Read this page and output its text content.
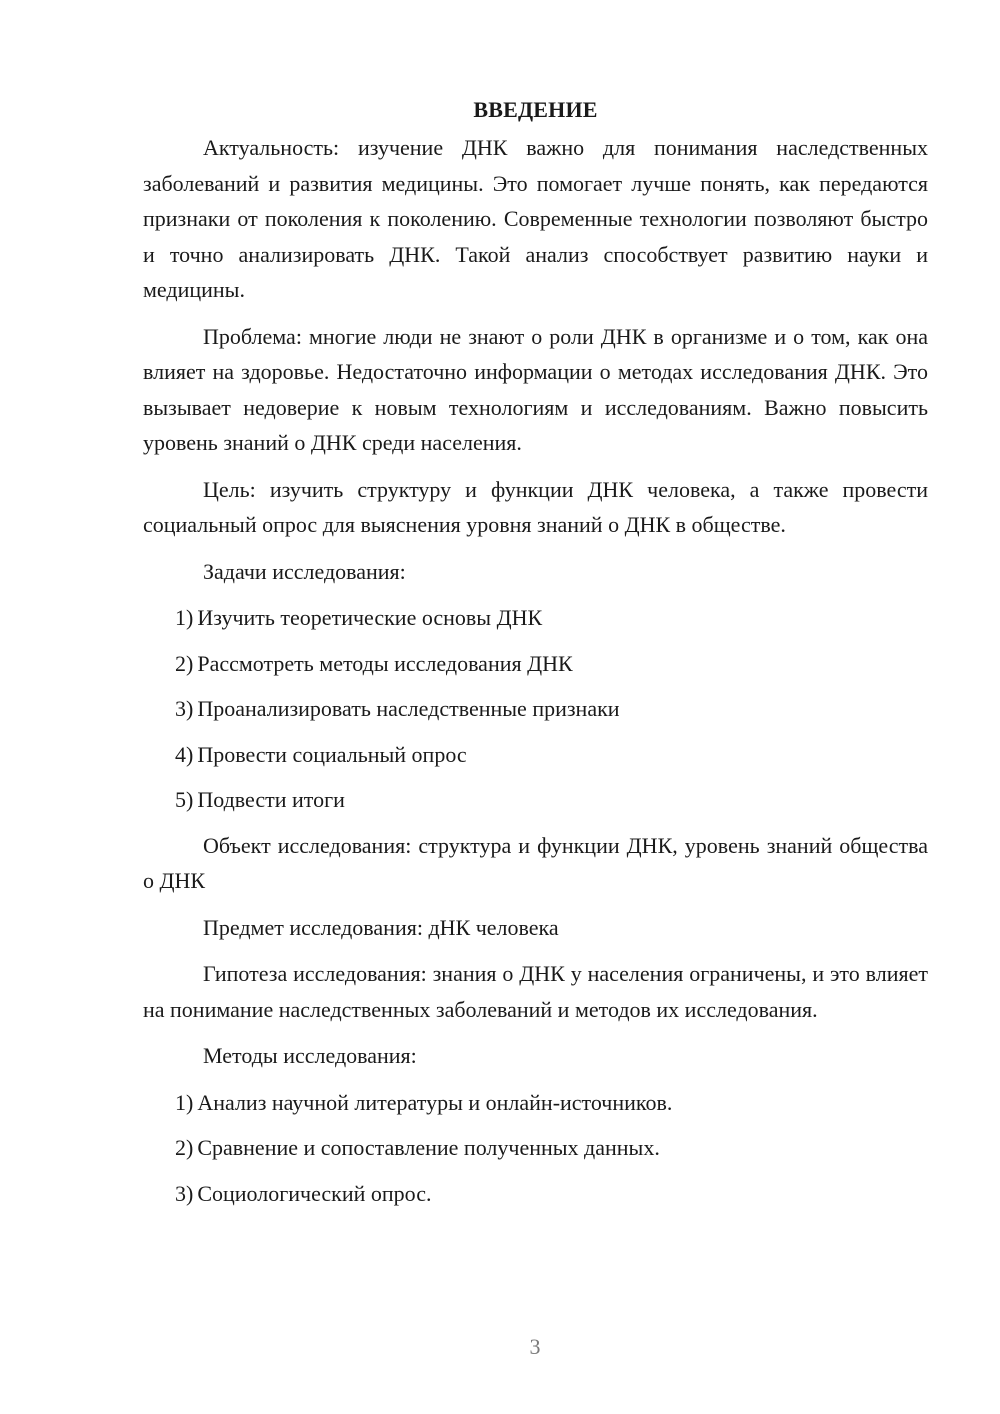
ВВЕДЕНИЕ

Актуальность: изучение ДНК важно для понимания наследственных заболеваний и развития медицины. Это помогает лучше понять, как передаются признаки от поколения к поколению. Современные технологии позволяют быстро и точно анализировать ДНК. Такой анализ способствует развитию науки и медицины.

Проблема: многие люди не знают о роли ДНК в организме и о том, как она влияет на здоровье. Недостаточно информации о методах исследования ДНК. Это вызывает недоверие к новым технологиям и исследованиям. Важно повысить уровень знаний о ДНК среди населения.

Цель: изучить структуру и функции ДНК человека, а также провести социальный опрос для выяснения уровня знаний о ДНК в обществе.

Задачи исследования:

1) Изучить теоретические основы ДНК
2) Рассмотреть методы исследования ДНК
3) Проанализировать наследственные признаки
4) Провести социальный опрос
5) Подвести итоги

Объект исследования: структура и функции ДНК, уровень знаний общества о ДНК

Предмет исследования: дНК человека

Гипотеза исследования: знания о ДНК у населения ограничены, и это влияет на понимание наследственных заболеваний и методов их исследования.

Методы исследования:

1) Анализ научной литературы и онлайн-источников.
2) Сравнение и сопоставление полученных данных.
3) Социологический опрос.
3
